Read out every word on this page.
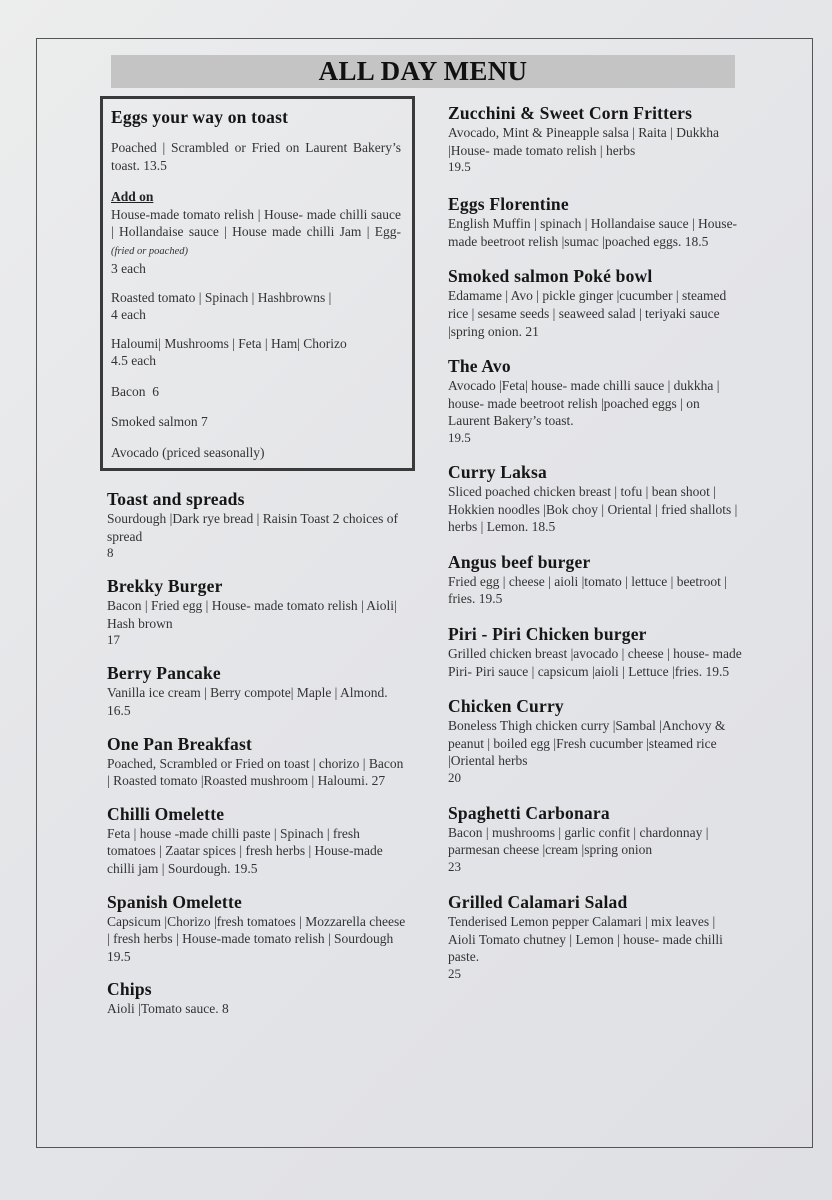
ALL DAY MENU
Eggs your way on toast

Poached | Scrambled or Fried on Laurent Bakery’s toast. 13.5

Add on

House-made tomato relish | House- made chilli sauce | Hollandaise sauce | House made chilli Jam | Egg- (fried or poached)

3 each

Roasted tomato | Spinach | Hashbrowns |

4 each

Haloumi| Mushrooms | Feta | Ham| Chorizo

4.5 each

Bacon  6

Smoked salmon 7

Avocado (priced seasonally)

Toast and spreads

Sourdough |Dark rye bread | Raisin Toast 2 choices of spread

8
Brekky Burger

Bacon | Fried egg | House- made tomato relish | Aioli| Hash brown

17
Berry Pancake

Vanilla ice cream | Berry compote| Maple | Almond. 16.5

One Pan Breakfast

Poached, Scrambled or Fried on toast | chorizo | Bacon | Roasted tomato |Roasted mushroom | Haloumi. 27

Chilli Omelette

Feta | house -made chilli paste | Spinach | fresh tomatoes | Zaatar spices | fresh herbs | House-made chilli jam | Sourdough. 19.5

Spanish Omelette

Capsicum |Chorizo |fresh tomatoes | Mozzarella cheese | fresh herbs | House-made tomato relish | Sourdough 19.5

Chips

Aioli |Tomato sauce. 8

Zucchini & Sweet Corn Fritters

Avocado, Mint & Pineapple salsa | Raita | Dukkha |House- made tomato relish | herbs

19.5
Eggs Florentine

English Muffin | spinach | Hollandaise sauce | House- made beetroot relish |sumac |poached eggs. 18.5

Smoked salmon Poké bowl

Edamame | Avo | pickle ginger |cucumber | steamed rice | sesame seeds | seaweed salad | teriyaki sauce |spring onion. 21

The Avo

Avocado |Feta| house- made chilli sauce | dukkha | house- made beetroot relish |poached eggs | on Laurent Bakery’s toast.

19.5
Curry Laksa

Sliced poached chicken breast | tofu | bean shoot | Hokkien noodles |Bok choy | Oriental | fried shallots | herbs | Lemon. 18.5

Angus beef burger

Fried egg | cheese | aioli |tomato | lettuce | beetroot | fries. 19.5

Piri - Piri Chicken burger

Grilled chicken breast |avocado | cheese | house- made Piri- Piri sauce | capsicum |aioli | Lettuce |fries. 19.5

Chicken Curry

Boneless Thigh chicken curry |Sambal |Anchovy & peanut | boiled egg |Fresh cucumber |steamed rice |Oriental herbs

20
Spaghetti Carbonara

Bacon | mushrooms | garlic confit | chardonnay | parmesan cheese |cream |spring onion

23
Grilled Calamari Salad

Tenderised Lemon pepper Calamari | mix leaves | Aioli Tomato chutney | Lemon | house- made chilli paste.

25
